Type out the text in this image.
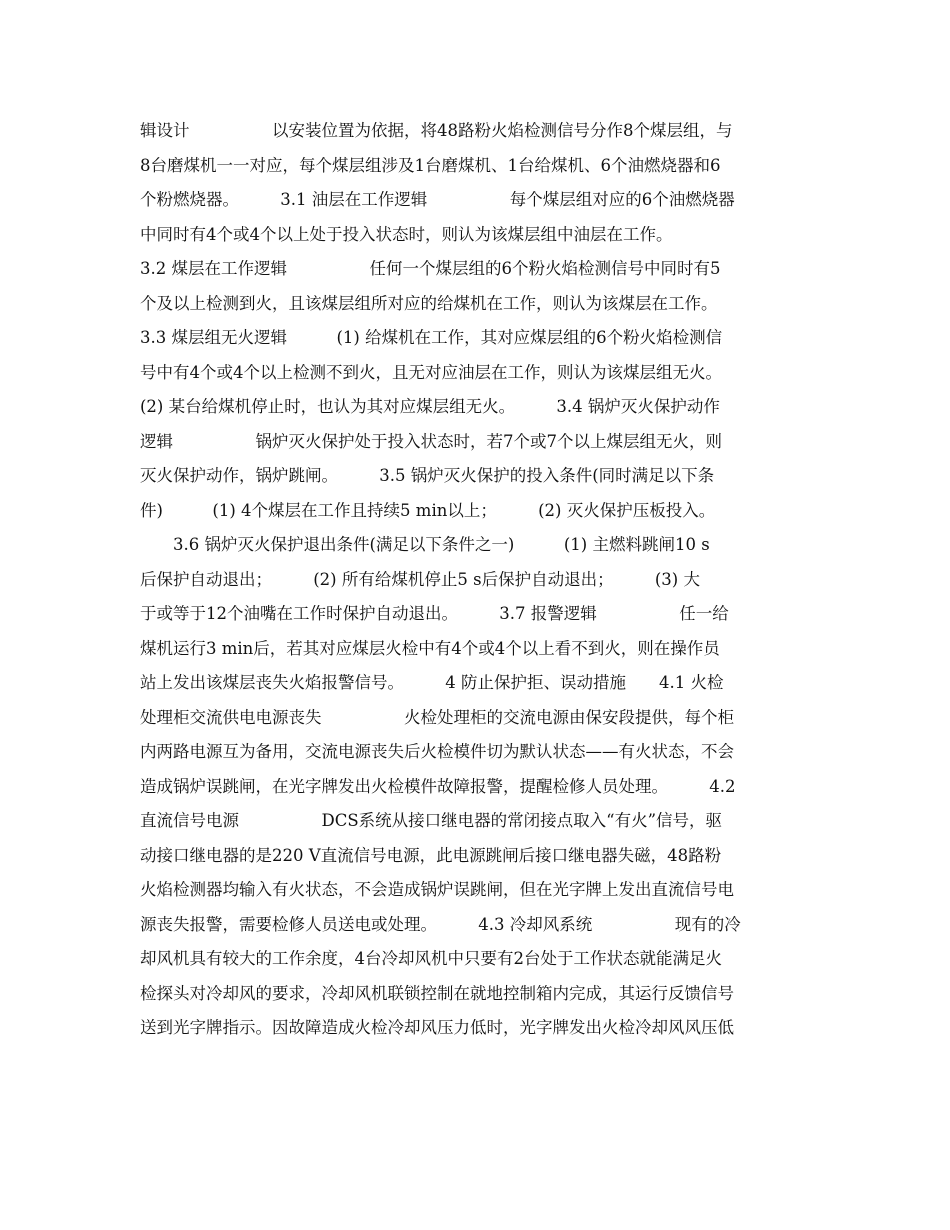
辑设计　　　　　以安装位置为依据，将48路粉火焰检测信号分作8个煤层组，与
8台磨煤机一一对应，每个煤层组涉及1台磨煤机、1台给煤机、6个油燃烧器和6
个粉燃烧器。　　　3.1 油层在工作逻辑　　　　　每个煤层组对应的6个油燃烧器
中同时有4个或4个以上处于投入状态时，则认为该煤层组中油层在工作。
3.2 煤层在工作逻辑　　　　　任何一个煤层组的6个粉火焰检测信号中同时有5
个及以上检测到火，且该煤层组所对应的给煤机在工作，则认为该煤层在工作。
3.3 煤层组无火逻辑　　　(1) 给煤机在工作，其对应煤层组的6个粉火焰检测信
号中有4个或4个以上检测不到火，且无对应油层在工作，则认为该煤层组无火。
(2) 某台给煤机停止时，也认为其对应煤层组无火。　　　3.4 锅炉灭火保护动作
逻辑　　　　　锅炉灭火保护处于投入状态时，若7个或7个以上煤层组无火，则
灭火保护动作，锅炉跳闸。　　　3.5 锅炉灭火保护的投入条件(同时满足以下条
件)　　　(1) 4个煤层在工作且持续5 min以上；　　　(2) 灭火保护压板投入。
　　3.6 锅炉灭火保护退出条件(满足以下条件之一)　　　(1) 主燃料跳闸10 s
后保护自动退出；　　　(2) 所有给煤机停止5 s后保护自动退出；　　　(3) 大
于或等于12个油嘴在工作时保护自动退出。　　　3.7 报警逻辑　　　　　任一给
煤机运行3 min后，若其对应煤层火检中有4个或4个以上看不到火，则在操作员
站上发出该煤层丧失火焰报警信号。　　　4 防止保护拒、误动措施　　4.1 火检
处理柜交流供电电源丧失　　　　　火检处理柜的交流电源由保安段提供，每个柜
内两路电源互为备用，交流电源丧失后火检模件切为默认状态——有火状态，不会
造成锅炉误跳闸，在光字牌发出火检模件故障报警，提醒检修人员处理。　　　4.2
直流信号电源　　　　　DCS系统从接口继电器的常闭接点取入“有火”信号，驱
动接口继电器的是220 V直流信号电源，此电源跳闸后接口继电器失磁，48路粉
火焰检测器均输入有火状态，不会造成锅炉误跳闸，但在光字牌上发出直流信号电
源丧失报警，需要检修人员送电或处理。　　　4.3 冷却风系统　　　　　现有的冷
却风机具有较大的工作余度，4台冷却风机中只要有2台处于工作状态就能满足火
检探头对冷却风的要求，冷却风机联锁控制在就地控制箱内完成，其运行反馈信号
送到光字牌指示。因故障造成火检冷却风压力低时，光字牌发出火检冷却风风压低
